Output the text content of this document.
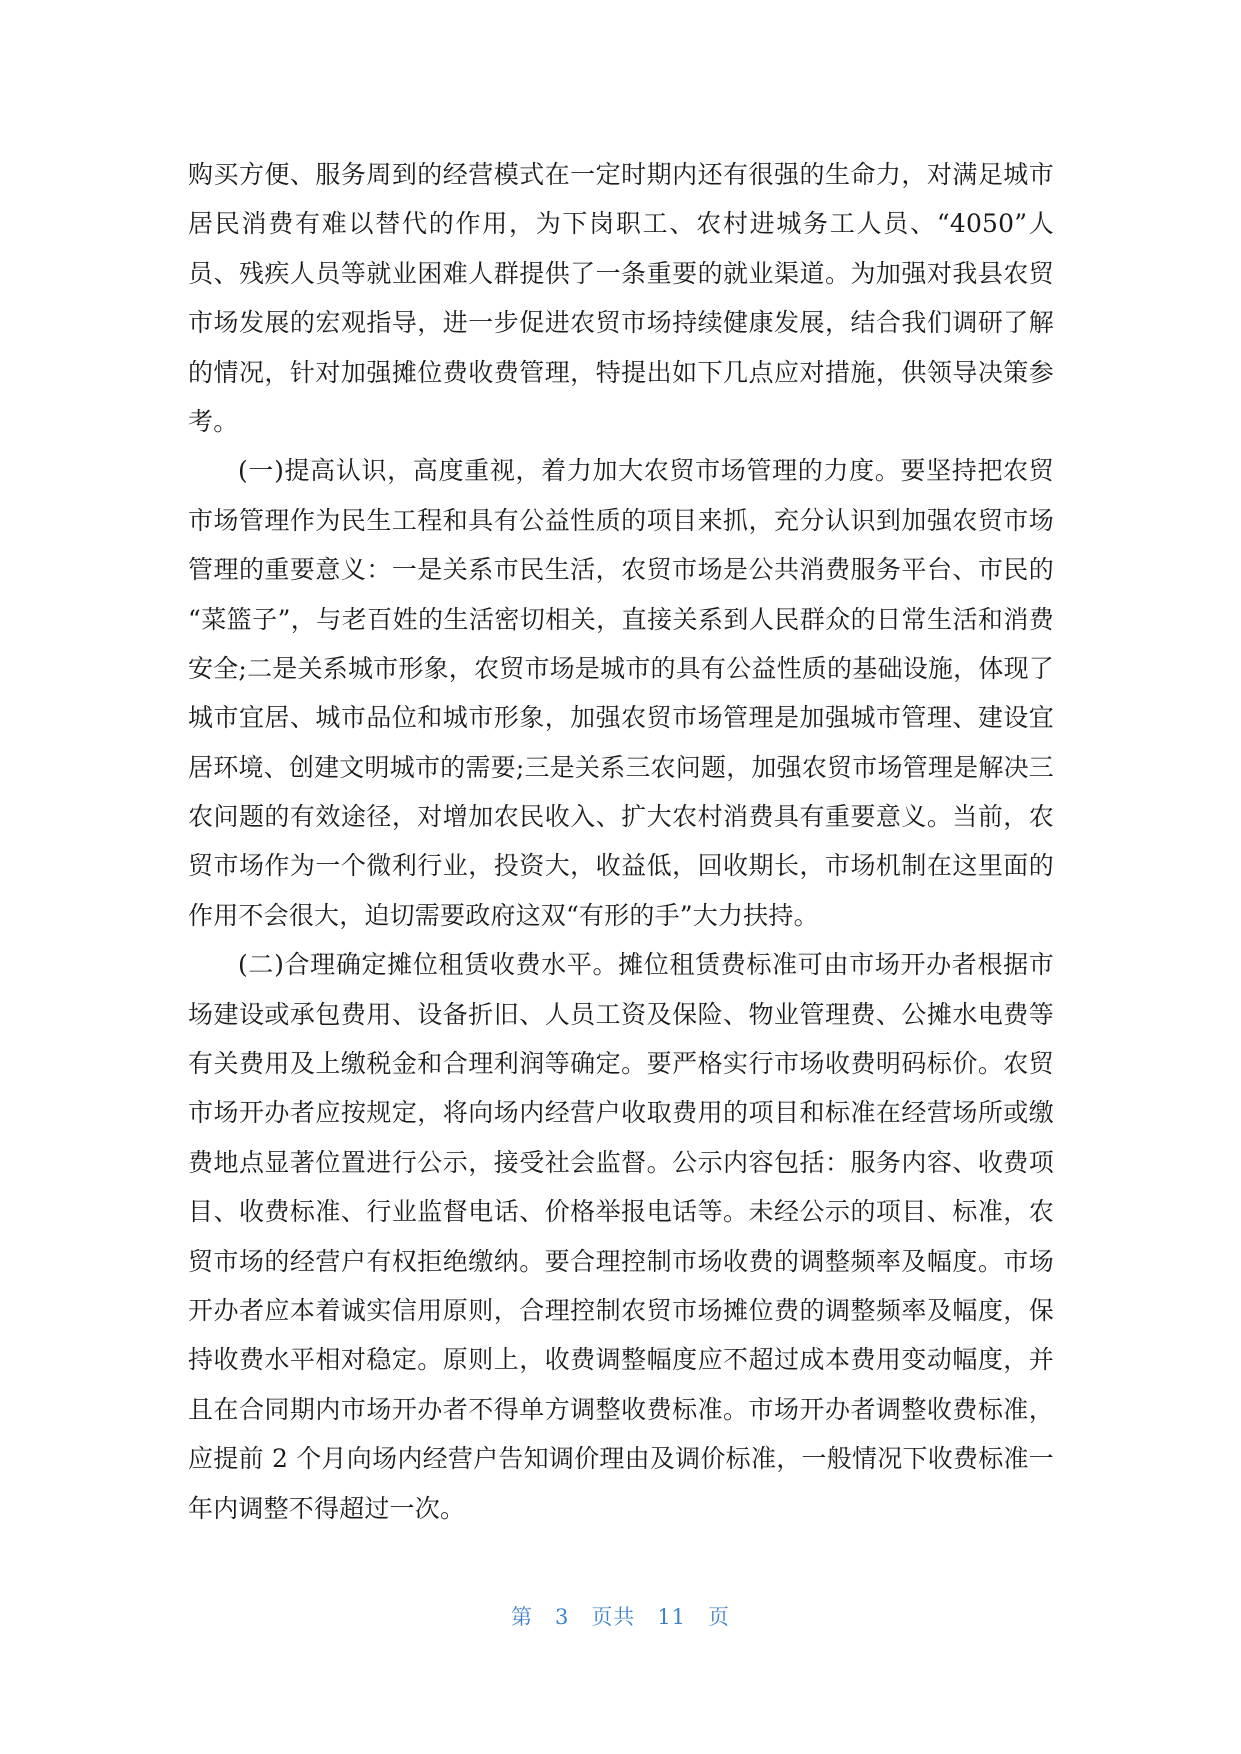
购买方便、服务周到的经营模式在一定时期内还有很强的生命力，对满足城市
居民消费有难以替代的作用，为下岗职工、农村进城务工人员、“4050”人
员、残疾人员等就业困难人群提供了一条重要的就业渠道。为加强对我县农贸
市场发展的宏观指导，进一步促进农贸市场持续健康发展，结合我们调研了解
的情况，针对加强摊位费收费管理，特提出如下几点应对措施，供领导决策参
考。
(一)提高认识，高度重视，着力加大农贸市场管理的力度。要坚持把农贸
市场管理作为民生工程和具有公益性质的项目来抓，充分认识到加强农贸市场
管理的重要意义：一是关系市民生活，农贸市场是公共消费服务平台、市民的
“菜篮子”，与老百姓的生活密切相关，直接关系到人民群众的日常生活和消费
安全;二是关系城市形象，农贸市场是城市的具有公益性质的基础设施，体现了
城市宜居、城市品位和城市形象，加强农贸市场管理是加强城市管理、建设宜
居环境、创建文明城市的需要;三是关系三农问题，加强农贸市场管理是解决三
农问题的有效途径，对增加农民收入、扩大农村消费具有重要意义。当前，农
贸市场作为一个微利行业，投资大，收益低，回收期长，市场机制在这里面的
作用不会很大，迫切需要政府这双“有形的手”大力扶持。
(二)合理确定摊位租赁收费水平。摊位租赁费标准可由市场开办者根据市
场建设或承包费用、设备折旧、人员工资及保险、物业管理费、公摊水电费等
有关费用及上缴税金和合理利润等确定。要严格实行市场收费明码标价。农贸
市场开办者应按规定，将向场内经营户收取费用的项目和标准在经营场所或缴
费地点显著位置进行公示，接受社会监督。公示内容包括：服务内容、收费项
目、收费标准、行业监督电话、价格举报电话等。未经公示的项目、标准，农
贸市场的经营户有权拒绝缴纳。要合理控制市场收费的调整频率及幅度。市场
开办者应本着诚实信用原则，合理控制农贸市场摊位费的调整频率及幅度，保
持收费水平相对稳定。原则上，收费调整幅度应不超过成本费用变动幅度，并
且在合同期内市场开办者不得单方调整收费标准。市场开办者调整收费标准，
应提前 2 个月向场内经营户告知调价理由及调价标准，一般情况下收费标准一
年内调整不得超过一次。
第 3 页共 11 页
